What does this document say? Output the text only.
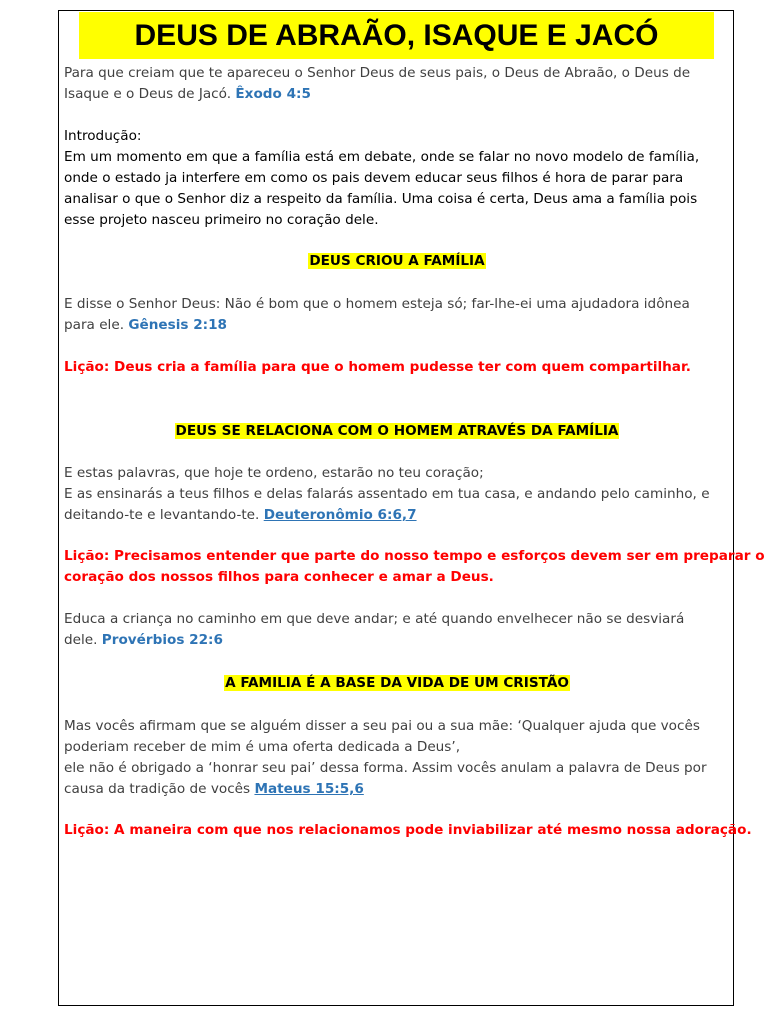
DEUS DE ABRAÃO, ISAQUE E JACÓ
Para que creiam que te apareceu o Senhor Deus de seus pais, o Deus de Abraão, o Deus de
Isaque e o Deus de Jacó. Êxodo 4:5
Introdução:
Em um momento em que a família está em debate, onde se falar no novo modelo de família,
onde o estado ja interfere em como os pais devem educar seus filhos é hora de parar para
analisar o que o Senhor diz a respeito da família. Uma coisa é certa, Deus ama a família pois
esse projeto nasceu primeiro no coração dele.
DEUS CRIOU A FAMÍLIA
E disse o Senhor Deus: Não é bom que o homem esteja só; far-lhe-ei uma ajudadora idônea
para ele. Gênesis 2:18
Lição: Deus cria a família para que o homem pudesse ter com quem compartilhar.
DEUS SE RELACIONA COM O HOMEM ATRAVÉS DA FAMÍLIA
E estas palavras, que hoje te ordeno, estarão no teu coração;
E as ensinarás a teus filhos e delas falarás assentado em tua casa, e andando pelo caminho, e
deitando-te e levantando-te. Deuteronômio 6:6,7
Lição: Precisamos entender que parte do nosso tempo e esforços devem ser em preparar o
coração dos nossos filhos para conhecer e amar a Deus.
Educa a criança no caminho em que deve andar; e até quando envelhecer não se desviará
dele. Provérbios 22:6
A FAMILIA É A BASE DA VIDA DE UM CRISTÃO
Mas vocês afirmam que se alguém disser a seu pai ou a sua mãe: ‘Qualquer ajuda que vocês
poderiam receber de mim é uma oferta dedicada a Deus’,
ele não é obrigado a ‘honrar seu pai’ dessa forma. Assim vocês anulam a palavra de Deus por
causa da tradição de vocês Mateus 15:5,6
Lição: A maneira com que nos relacionamos pode inviabilizar até mesmo nossa adoração.
